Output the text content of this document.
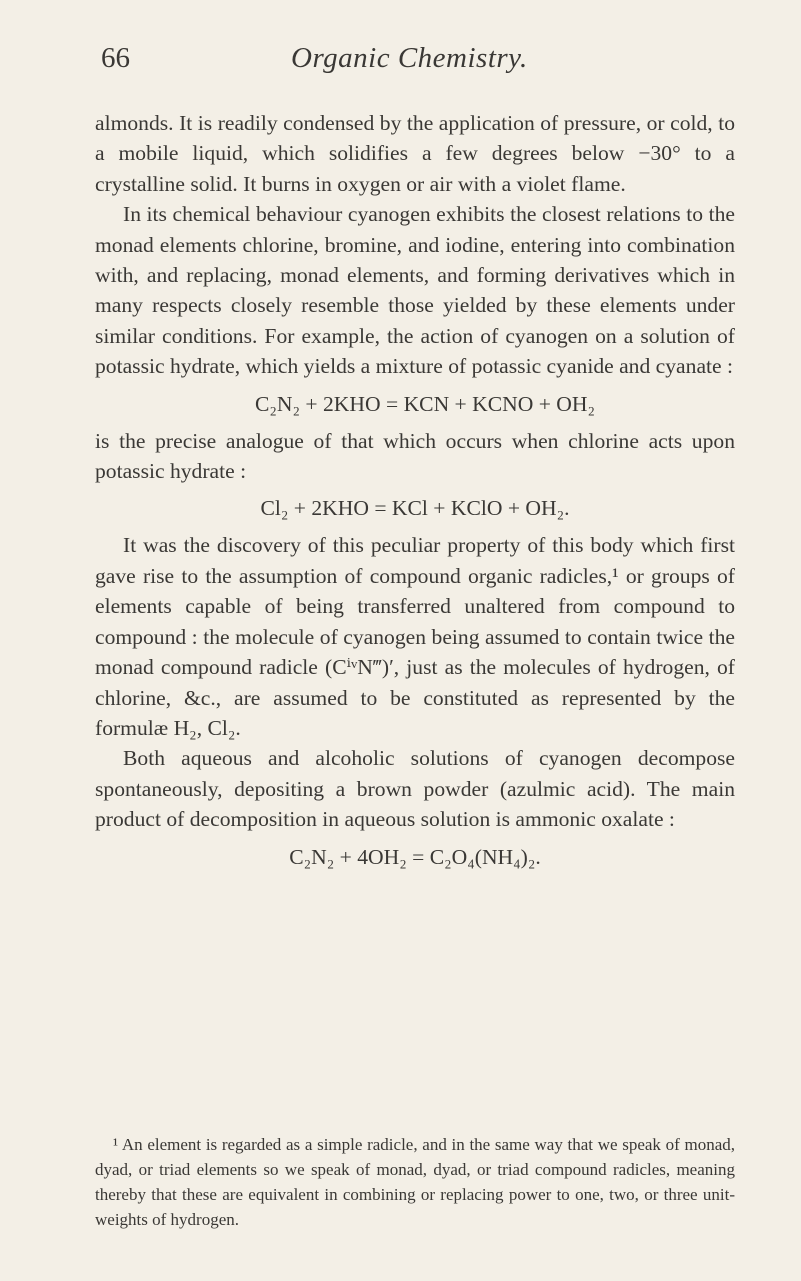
66	Organic Chemistry.

almonds. It is readily condensed by the application of pressure, or cold, to a mobile liquid, which solidifies a few degrees below −30° to a crystalline solid. It burns in oxygen or air with a violet flame.

In its chemical behaviour cyanogen exhibits the closest relations to the monad elements chlorine, bromine, and iodine, entering into combination with, and replacing, monad elements, and forming derivatives which in many respects closely resemble those yielded by these elements under similar conditions. For example, the action of cyanogen on a solution of potassic hydrate, which yields a mixture of potassic cyanide and cyanate :

C₂N₂ + 2KHO = KCN + KCNO + OH₂

is the precise analogue of that which occurs when chlorine acts upon potassic hydrate :

Cl₂ + 2KHO = KCl + KClO + OH₂.

It was the discovery of this peculiar property of this body which first gave rise to the assumption of compound organic radicles,¹ or groups of elements capable of being transferred unaltered from compound to compound : the molecule of cyanogen being assumed to contain twice the monad compound radicle (CⁱᵛN‴)′, just as the molecules of hydrogen, of chlorine, &c., are assumed to be constituted as represented by the formulæ H₂, Cl₂.

Both aqueous and alcoholic solutions of cyanogen decompose spontaneously, depositing a brown powder (azulmic acid). The main product of decomposition in aqueous solution is ammonic oxalate :

C₂N₂ + 4OH₂ = C₂O₄(NH₄)₂.

¹ An element is regarded as a simple radicle, and in the same way that we speak of monad, dyad, or triad elements so we speak of monad, dyad, or triad compound radicles, meaning thereby that these are equivalent in combining or replacing power to one, two, or three unit-weights of hydrogen.
